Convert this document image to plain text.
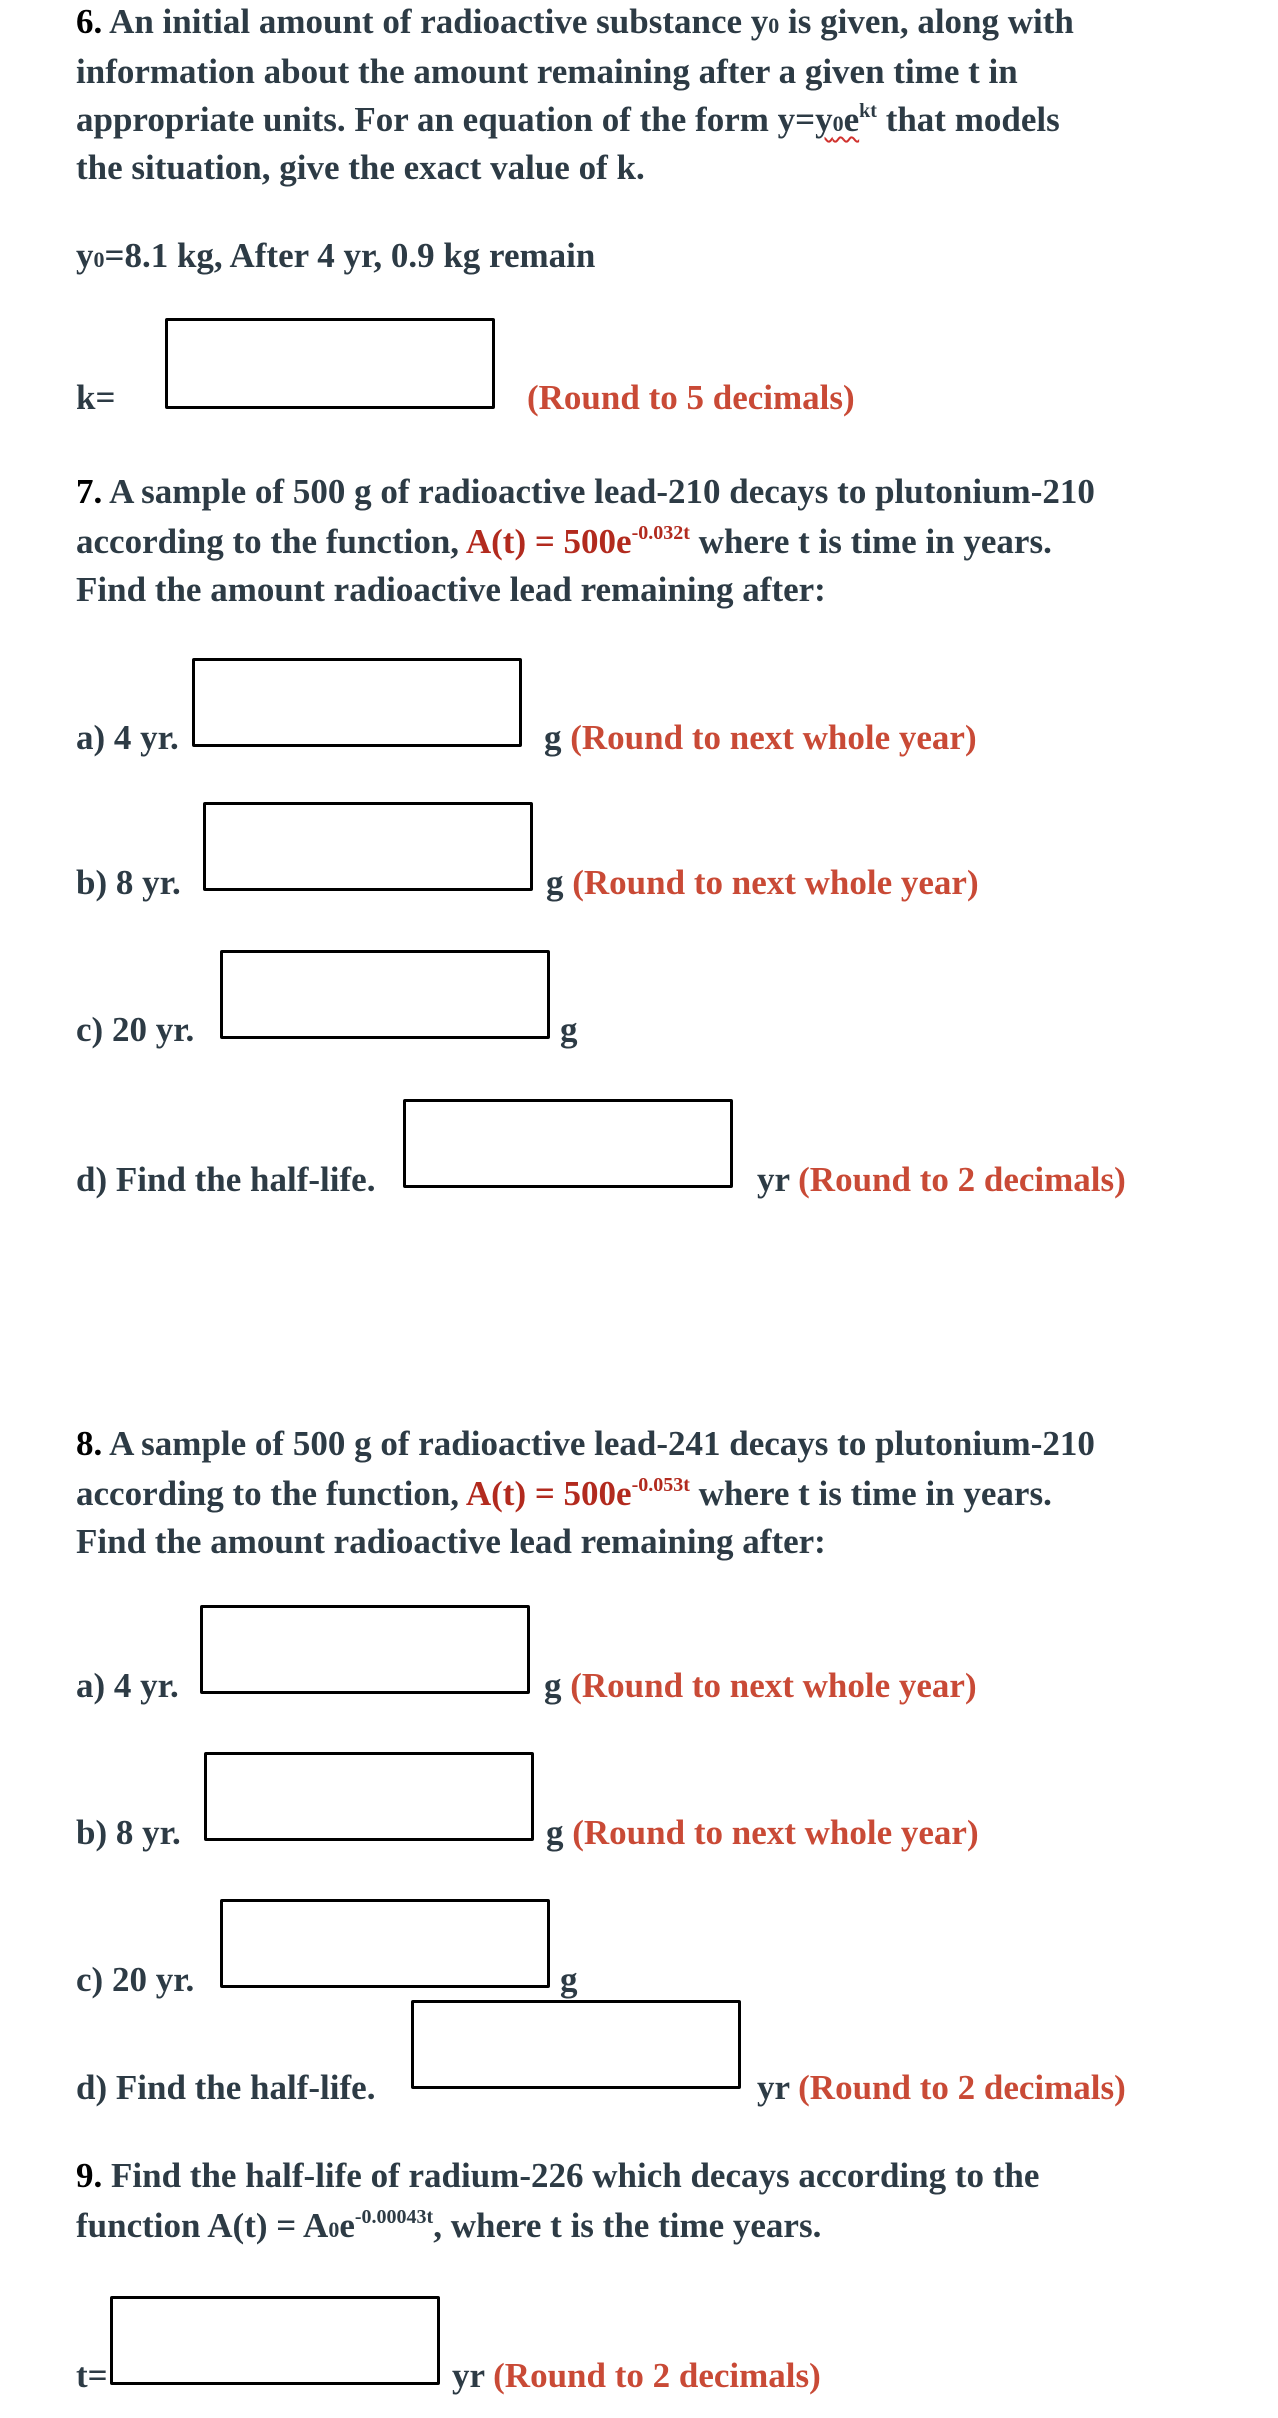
6. An initial amount of radioactive substance y0 is given, along with
information about the amount remaining after a given time t in
appropriate units. For an equation of the form $y=y0e^{kt}$ that models
the situation, give the exact value of k.
y0=8.1 kg, After 4 yr, 0.9 kg remain
k=	(Round to 5 decimals)
7. A sample of 500 g of radioactive lead-210 decays to plutonium-210
according to the function, $A(t) = 500e^{-0.032t}$ where t is time in years.
Find the amount radioactive lead remaining after:
a) 4 yr.	g (Round to next whole year)
b) 8 yr.	g (Round to next whole year)
c) 20 yr.	g
d) Find the half-life.	yr (Round to 2 decimals)
8. A sample of 500 g of radioactive lead-241 decays to plutonium-210
according to the function, $A(t) = 500e^{-0.053t}$ where t is time in years.
Find the amount radioactive lead remaining after:
a) 4 yr.	g (Round to next whole year)
b) 8 yr.	g (Round to next whole year)
c) 20 yr.	g
d) Find the half-life.	yr (Round to 2 decimals)
9. Find the half-life of radium-226 which decays according to the
function $A(t) = A0e^{-0.00043t}$, where t is the time years.
t=	yr (Round to 2 decimals)
